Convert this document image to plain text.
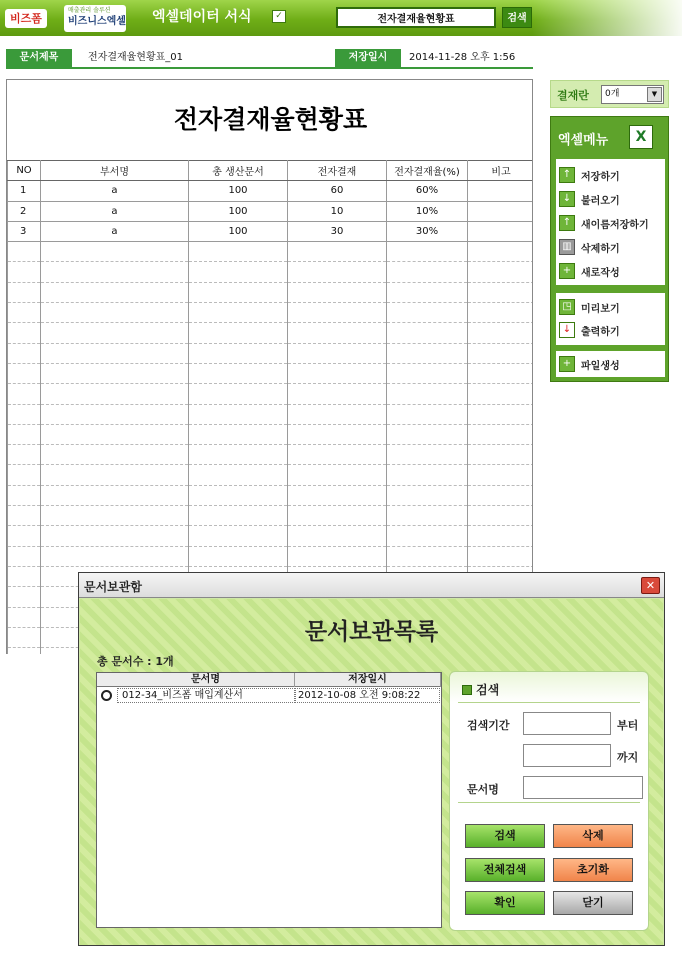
비즈폼
매출관리 솔루션
비즈니스엑셀 엑셀데이터 서식	✓
전자결재율현황표	검색
문서제목	전자결재율현황표_01	저장일시	2014-11-28 오후 1:56
전자결재율현황표
NO	부서명	총 생산문서	전자결재	전자결재율(%)	비고
1	a	100	60	60%	
2	a	100	10	10%	
3	a	100	30	30%	

결재란	0개	▼
엑셀메뉴	X
↑ 저장하기
↓ 불러오기
↑ 새이름저장하기
▥ 삭제하기
+ 새로작성
◳ 미리보기
↓ 출력하기
+ 파일생성
문서보관함	✕
문서보관목록
총 문서수 : 1개
문서명	저장일시
012-34_비즈폼 매입계산서	2012-10-08 오전 9:08:22	검색
검색기간	부터
까지
문서명
검색	삭제
전체검색	초기화
확인	닫기
